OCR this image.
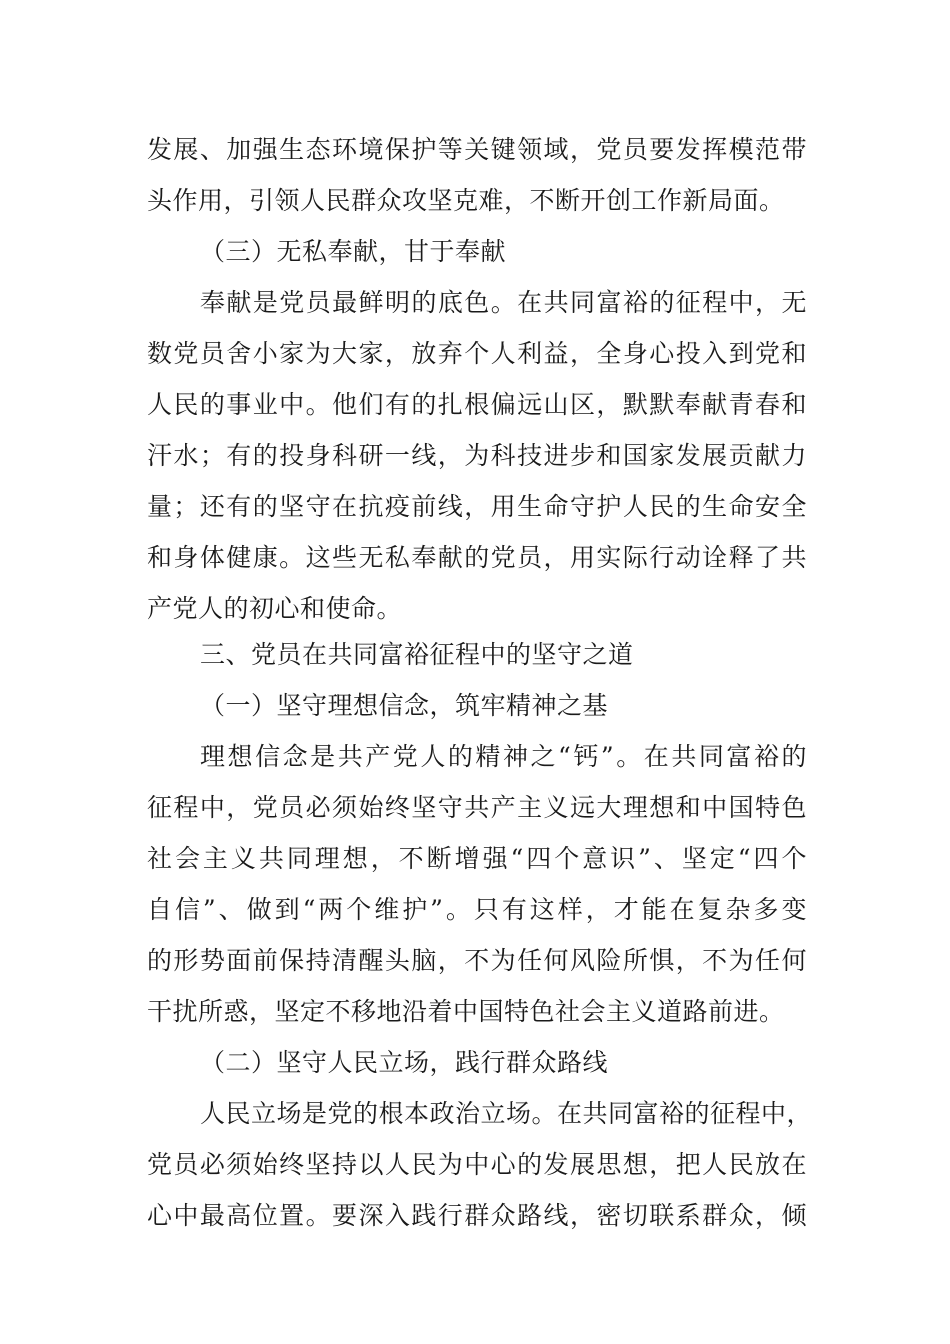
发展、加强生态环境保护等关键领域，党员要发挥模范带
头作用，引领人民群众攻坚克难，不断开创工作新局面。
（三）无私奉献，甘于奉献
奉献是党员最鲜明的底色。在共同富裕的征程中，无
数党员舍小家为大家，放弃个人利益，全身心投入到党和
人民的事业中。他们有的扎根偏远山区，默默奉献青春和
汗水；有的投身科研一线，为科技进步和国家发展贡献力
量；还有的坚守在抗疫前线，用生命守护人民的生命安全
和身体健康。这些无私奉献的党员，用实际行动诠释了共
产党人的初心和使命。
三、党员在共同富裕征程中的坚守之道
（一）坚守理想信念，筑牢精神之基
理想信念是共产党人的精神之“钙”。在共同富裕的
征程中，党员必须始终坚守共产主义远大理想和中国特色
社会主义共同理想，不断增强“四个意识”、坚定“四个
自信”、做到“两个维护”。只有这样，才能在复杂多变
的形势面前保持清醒头脑，不为任何风险所惧，不为任何
干扰所惑，坚定不移地沿着中国特色社会主义道路前进。
（二）坚守人民立场，践行群众路线
人民立场是党的根本政治立场。在共同富裕的征程中，
党员必须始终坚持以人民为中心的发展思想，把人民放在
心中最高位置。要深入践行群众路线，密切联系群众，倾
